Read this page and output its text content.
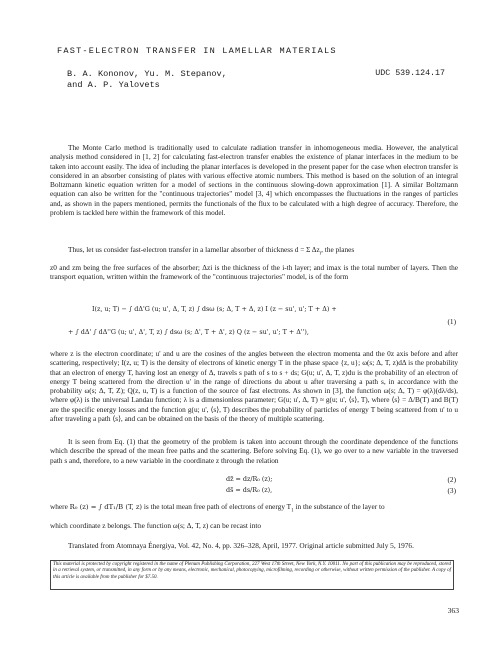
FAST-ELECTRON TRANSFER IN LAMELLAR MATERIALS
B. A. Kononov, Yu. M. Stepanov,
and A. P. Yalovets
UDC 539.124.17
The Monte Carlo method is traditionally used to calculate radiation transfer in inhomogeneous media. However, the analytical analysis method considered in [1, 2] for calculating fast-electron transfer enables the existence of planar interfaces in the medium to be taken into account easily. The idea of including the planar interfaces is developed in the present paper for the case when electron transfer is considered in an absorber consisting of plates with various effective atomic numbers. This method is based on the solution of an integral Boltzmann kinetic equation written for a model of sections in the continuous slowing-down approximation [1]. A similar Boltzmann equation can also be written for the "continuous trajectories" model [3, 4] which encompasses the fluctuations in the ranges of particles and, as shown in the papers mentioned, permits the functionals of the flux to be calculated with a high degree of accuracy. Therefore, the problem is tackled here within the framework of this model.
Thus, let us consider fast-electron transfer in a lamellar absorber of thickness d = Σ $\Delta z_i$, the planes
z0 and zm being the free surfaces of the absorber; Δzi is the thickness of the i-th layer; and imax is the total number of layers. Then the transport equation, written within the framework of the "continuous trajectories" model, is of the form
I(z, u; T) − ∫ dΔ'G (u; u', Δ, T, z) ∫ dsω (s; Δ, T + Δ, z) I (z − su', u'; T + Δ) +
+ ∫ dΔ' ∫ dΔ''G (u; u', Δ', T, z) ∫ dsω (s; Δ', T + Δ', z) Q (z − su', u'; T + Δ''),
(1)
where z is the electron coordinate; u' and u are the cosines of the angles between the electron momenta and the 0z axis before and after scattering, respectively; I(z, u; T) is the density of electrons of kinetic energy T in the phase space {z, u}; ω(s; Δ, T, z)dΔ is the probability that an electron of energy T, having lost an energy of Δ, travels s path of s to s + ds; G(u; u', Δ, T, z)du is the probability of an electron of energy T being scattered from the direction u' in the range of directions du about u after traversing a path s, in accordance with the probability ω(s; Δ, T, Z); Q(z, u, T) is a function of the source of fast electrons. As shown in [3], the function ω(s; Δ, T) = φ(λ)(dλ/ds), where φ(λ) is the universal Landau function; λ is a dimensionless parameter; G(u; u', Δ, T) ≈ g(u; u', ⟨s⟩, T), where ⟨s⟩ = Δ/B(T) and B(T) are the specific energy losses and the function g(u; u', ⟨s⟩, T) describes the probability of particles of energy T being scattered from u' to u after traveling a path ⟨s⟩, and can be obtained on the basis of the theory of multiple scattering.
It is seen from Eq. (1) that the geometry of the problem is taken into account through the coordinate dependence of the functions which describe the spread of the mean free paths and the scattering. Before solving Eq. (1), we go over to a new variable in the traversed path s and, therefore, to a new variable in the coordinate z through the relation
dz̃ = dz/R₀ (z);	(2)
ds̃ = ds/R₀ (z),	(3)
where R₀ (z) = ∫ dT₁/B (T, z) is the total mean free path of electrons of energy $T_1$ in the substance of the layer to
which coordinate z belongs. The function ω(s; Δ, T, z) can be recast into
Translated from Atomnaya Énergiya, Vol. 42, No. 4, pp. 326–328, April, 1977. Original article submitted July 5, 1976.
This material is protected by copyright registered in the name of Plenum Publishing Corporation, 227 West 17th Street, New York, N.Y. 10011. No part of this publication may be reproduced, stored in a retrieval system, or transmitted, in any form or by any means, electronic, mechanical, photocopying, microfilming, recording or otherwise, without written permission of the publisher. A copy of this article is available from the publisher for $7.50.
363
